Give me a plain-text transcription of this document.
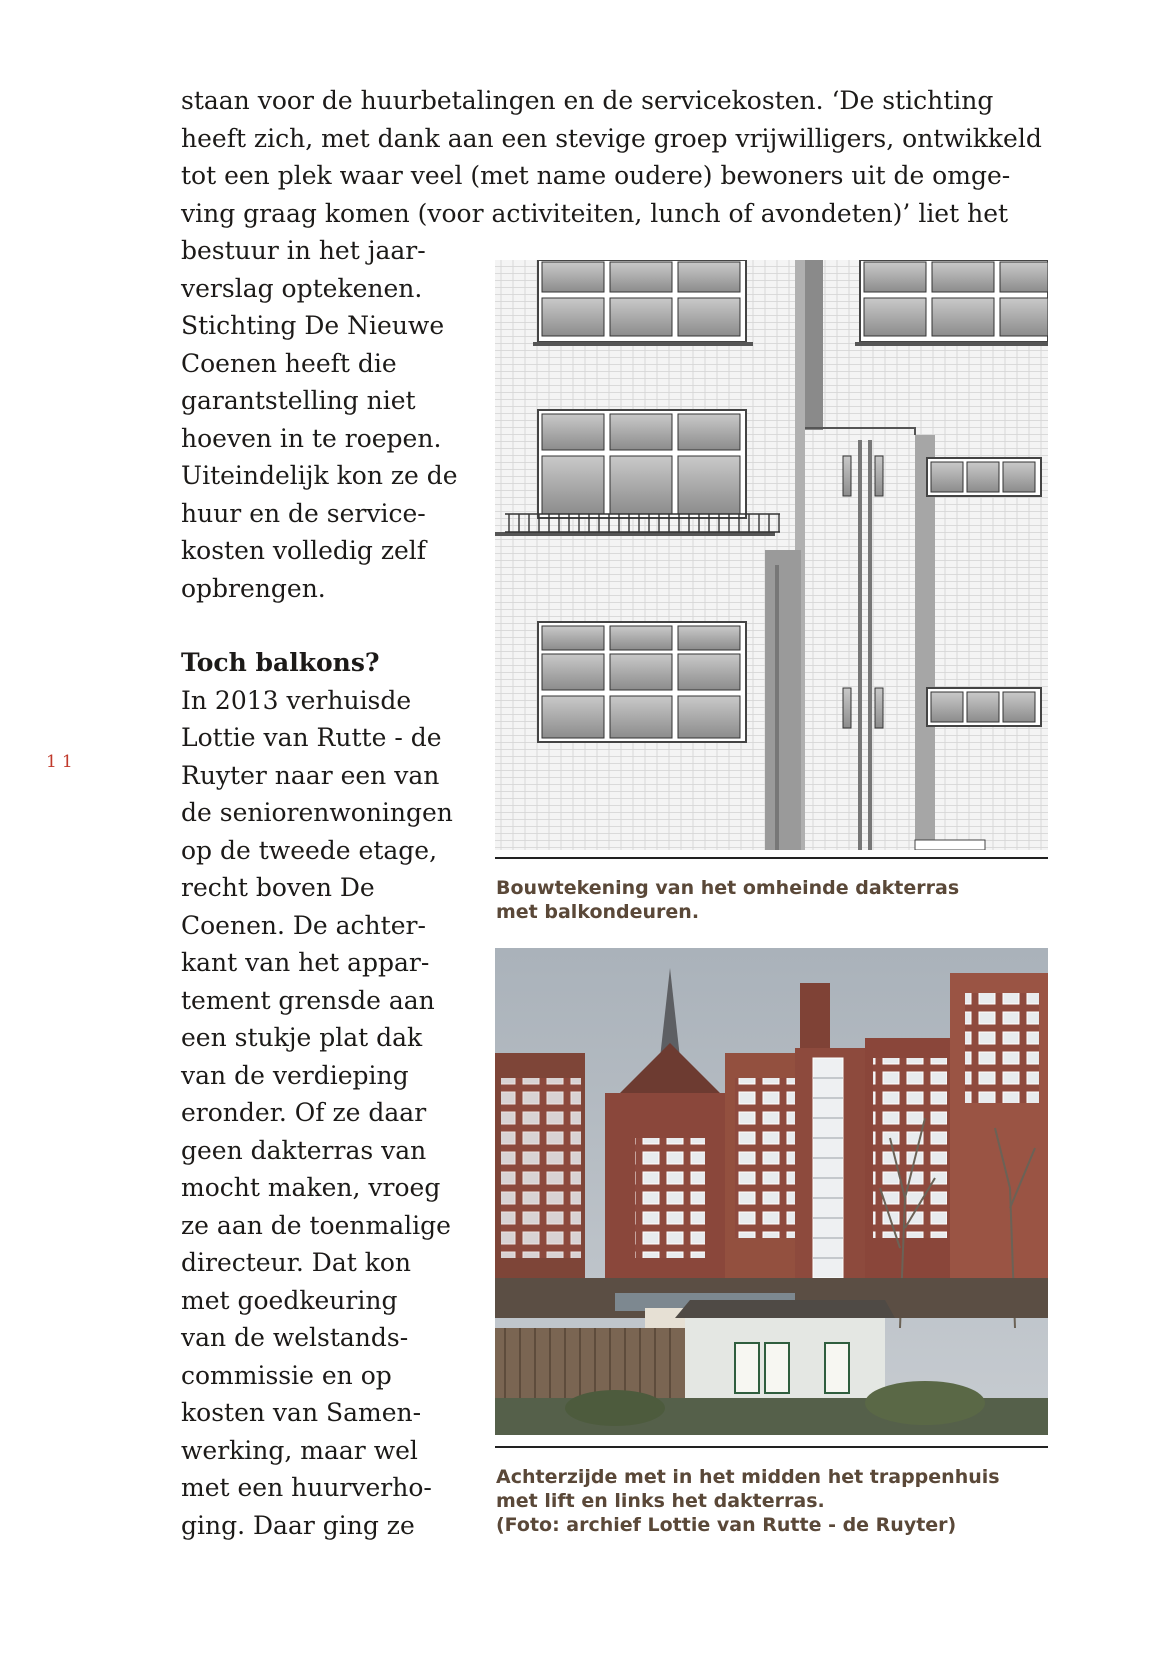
11
staan voor de huurbetalingen en de servicekosten. ‘De stichting
heeft zich, met dank aan een stevige groep vrijwilligers, ontwikkeld
tot een plek waar veel (met name oudere) bewoners uit de omge-
ving graag komen (voor activiteiten, lunch of avondeten)’ liet het
bestuur in het jaar-
verslag optekenen.
Stichting De Nieuwe
Coenen heeft die
garantstelling niet
hoeven in te roepen.
Uiteindelijk kon ze de
huur en de service-
kosten volledig zelf
opbrengen.
Toch balkons?
In 2013 verhuisde
Lottie van Rutte - de
Ruyter naar een van
de seniorenwoningen
op de tweede etage,
recht boven De
Coenen. De achter-
kant van het appar-
tement grensde aan
een stukje plat dak
van de verdieping
eronder. Of ze daar
geen dakterras van
mocht maken, vroeg
ze aan de toenmalige
directeur. Dat kon
met goedkeuring
van de welstands-
commissie en op
kosten van Samen-
werking, maar wel
met een huurverho-
ging. Daar ging ze
Bouwtekening van het omheinde dakterras
met balkondeuren.
Achterzijde met in het midden het trappenhuis
met lift en links het dakterras.
(Foto: archief Lottie van Rutte - de Ruyter)
